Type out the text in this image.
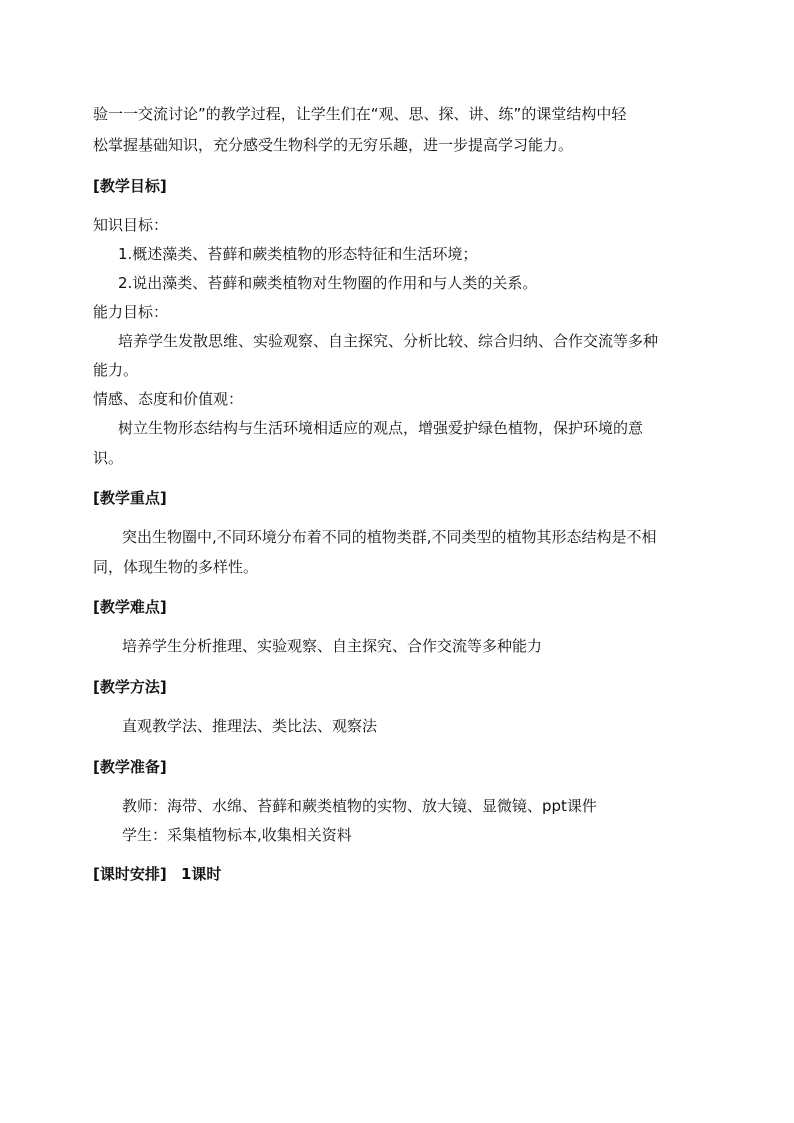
验一一交流讨论”的教学过程，让学生们在“观、思、探、讲、练”的课堂结构中轻
松掌握基础知识，充分感受生物科学的无穷乐趣，进一步提高学习能力。
[教学目标]
知识目标：
1.概述藻类、苔藓和蕨类植物的形态特征和生活环境；
2.说出藻类、苔藓和蕨类植物对生物圈的作用和与人类的关系。
能力目标：
培养学生发散思维、实验观察、自主探究、分析比较、综合归纳、合作交流等多种
能力。
情感、态度和价值观：
树立生物形态结构与生活环境相适应的观点，增强爱护绿色植物，保护环境的意
识。
[教学重点]
突出生物圈中,不同环境分布着不同的植物类群,不同类型的植物其形态结构是不相
同，体现生物的多样性。
[教学难点]
培养学生分析推理、实验观察、自主探究、合作交流等多种能力
[教学方法]
直观教学法、推理法、类比法、观察法
[教学准备]
教师：海带、水绵、苔藓和蕨类植物的实物、放大镜、显微镜、ppt课件
学生：采集植物标本,收集相关资料
[课时安排] 1课时
